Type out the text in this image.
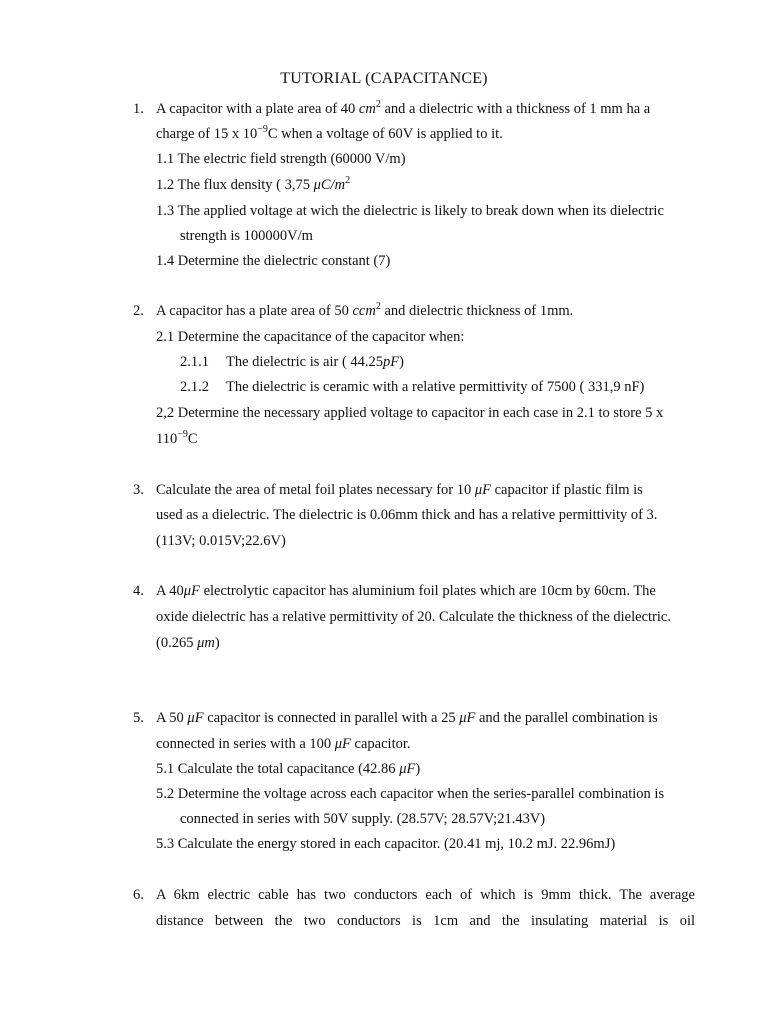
TUTORIAL (CAPACITANCE)
1. A capacitor with a plate area of 40 $cm^2$ and a dielectric with a thickness of 1 mm ha a
charge of 15 x $10^{-9}C$ when a voltage of 60V is applied to it.
1.1 The electric field strength (60000 V/m)
1.2 The flux density ( 3,75 $\mu C/m^2$
1.3 The applied voltage at wich the dielectric is likely to break down when its dielectric
strength is 100000V/m
1.4 Determine the dielectric constant (7)
2. A capacitor has a plate area of 50 ccm$^2$ and dielectric thickness of 1mm.
2.1 Determine the capacitance of the capacitor when:
2.1.1 The dielectric is air ( 44.25pF)
2.1.2 The dielectric is ceramic with a relative permittivity of 7500 ( 331,9 nF)
2,2 Determine the necessary applied voltage to capacitor in each case in 2.1 to store 5 x
$110^{-9}C$
3. Calculate the area of metal foil plates necessary for 10 μF capacitor if plastic film is
used as a dielectric. The dielectric is 0.06mm thick and has a relative permittivity of 3.
(113V; 0.015V;22.6V)
4. A 40μF electrolytic capacitor has aluminium foil plates which are 10cm by 60cm. The
oxide dielectric has a relative permittivity of 20. Calculate the thickness of the dielectric.
(0.265 μm)
5. A 50 μF capacitor is connected in parallel with a 25 μF and the parallel combination is
connected in series with a 100 μF capacitor.
5.1 Calculate the total capacitance (42.86 μF)
5.2 Determine the voltage across each capacitor when the series-parallel combination is
connected in series with 50V supply. (28.57V; 28.57V;21.43V)
5.3 Calculate the energy stored in each capacitor. (20.41 mj, 10.2 mJ. 22.96mJ)
6. A 6km electric cable has two conductors each of which is 9mm thick. The average
distance between the two conductors is 1cm and the insulating material is oil
